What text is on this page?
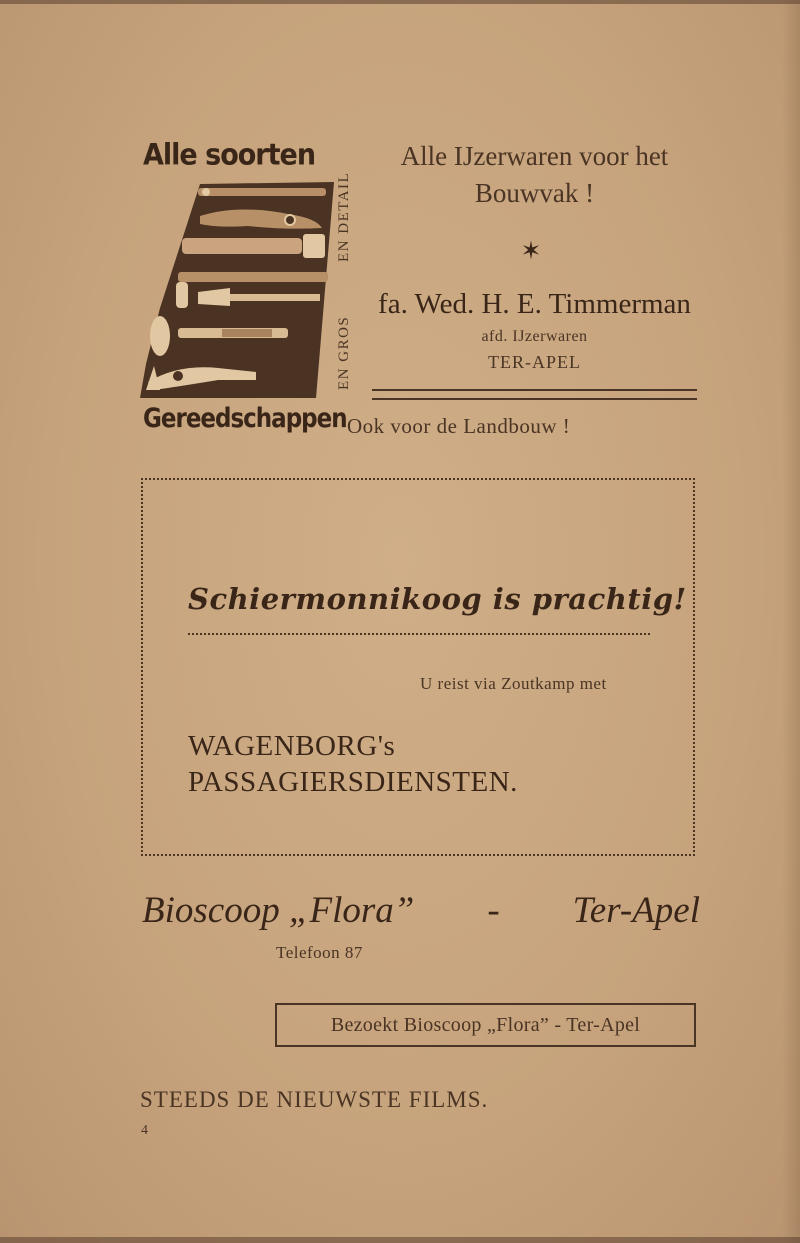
Alle soorten
EN DETAIL
EN GROS
Gereedschappen
Alle IJzerwaren voor het
Bouwvak !
✶
fa. Wed. H. E. Timmerman
afd. IJzerwaren
TER-APEL
Ook voor de Landbouw !
Schiermonnikoog is prachtig!
U reist via Zoutkamp met
WAGENBORG's
PASSAGIERSDIENSTEN.
Bioscoop „Flora” - Ter-Apel
Telefoon 87
Bezoekt Bioscoop „Flora” - Ter-Apel
STEEDS DE NIEUWSTE FILMS.
4
